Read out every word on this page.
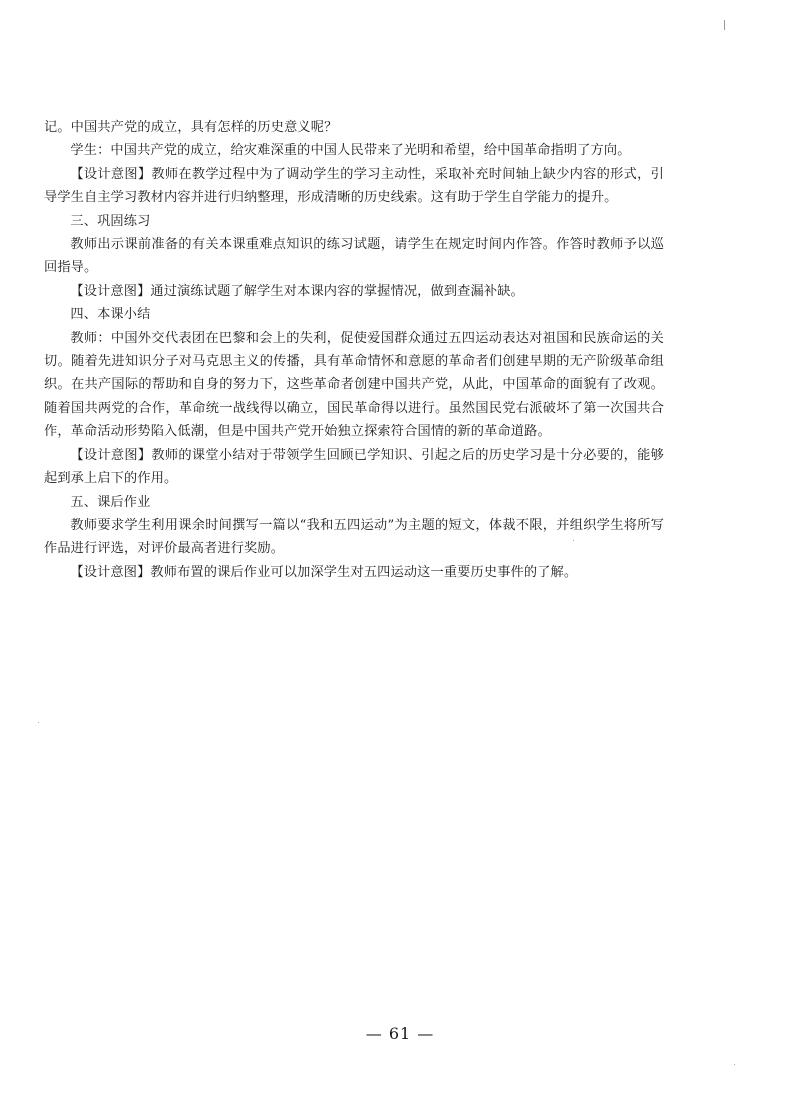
记。中国共产党的成立，具有怎样的历史意义呢？

学生：中国共产党的成立，给灾难深重的中国人民带来了光明和希望，给中国革命指明了方向。

【设计意图】教师在教学过程中为了调动学生的学习主动性，采取补充时间轴上缺少内容的形式，引导学生自主学习教材内容并进行归纳整理，形成清晰的历史线索。这有助于学生自学能力的提升。

三、巩固练习

教师出示课前准备的有关本课重难点知识的练习试题，请学生在规定时间内作答。作答时教师予以巡回指导。

【设计意图】通过演练试题了解学生对本课内容的掌握情况，做到查漏补缺。

四、本课小结

教师：中国外交代表团在巴黎和会上的失利，促使爱国群众通过五四运动表达对祖国和民族命运的关切。随着先进知识分子对马克思主义的传播，具有革命情怀和意愿的革命者们创建早期的无产阶级革命组织。在共产国际的帮助和自身的努力下，这些革命者创建中国共产党，从此，中国革命的面貌有了改观。随着国共两党的合作，革命统一战线得以确立，国民革命得以进行。虽然国民党右派破坏了第一次国共合作，革命活动形势陷入低潮，但是中国共产党开始独立探索符合国情的新的革命道路。

【设计意图】教师的课堂小结对于带领学生回顾已学知识、引起之后的历史学习是十分必要的，能够起到承上启下的作用。

五、课后作业

教师要求学生利用课余时间撰写一篇以“我和五四运动”为主题的短文，体裁不限，并组织学生将所写作品进行评选，对评价最高者进行奖励。

【设计意图】教师布置的课后作业可以加深学生对五四运动这一重要历史事件的了解。

— 61 —
